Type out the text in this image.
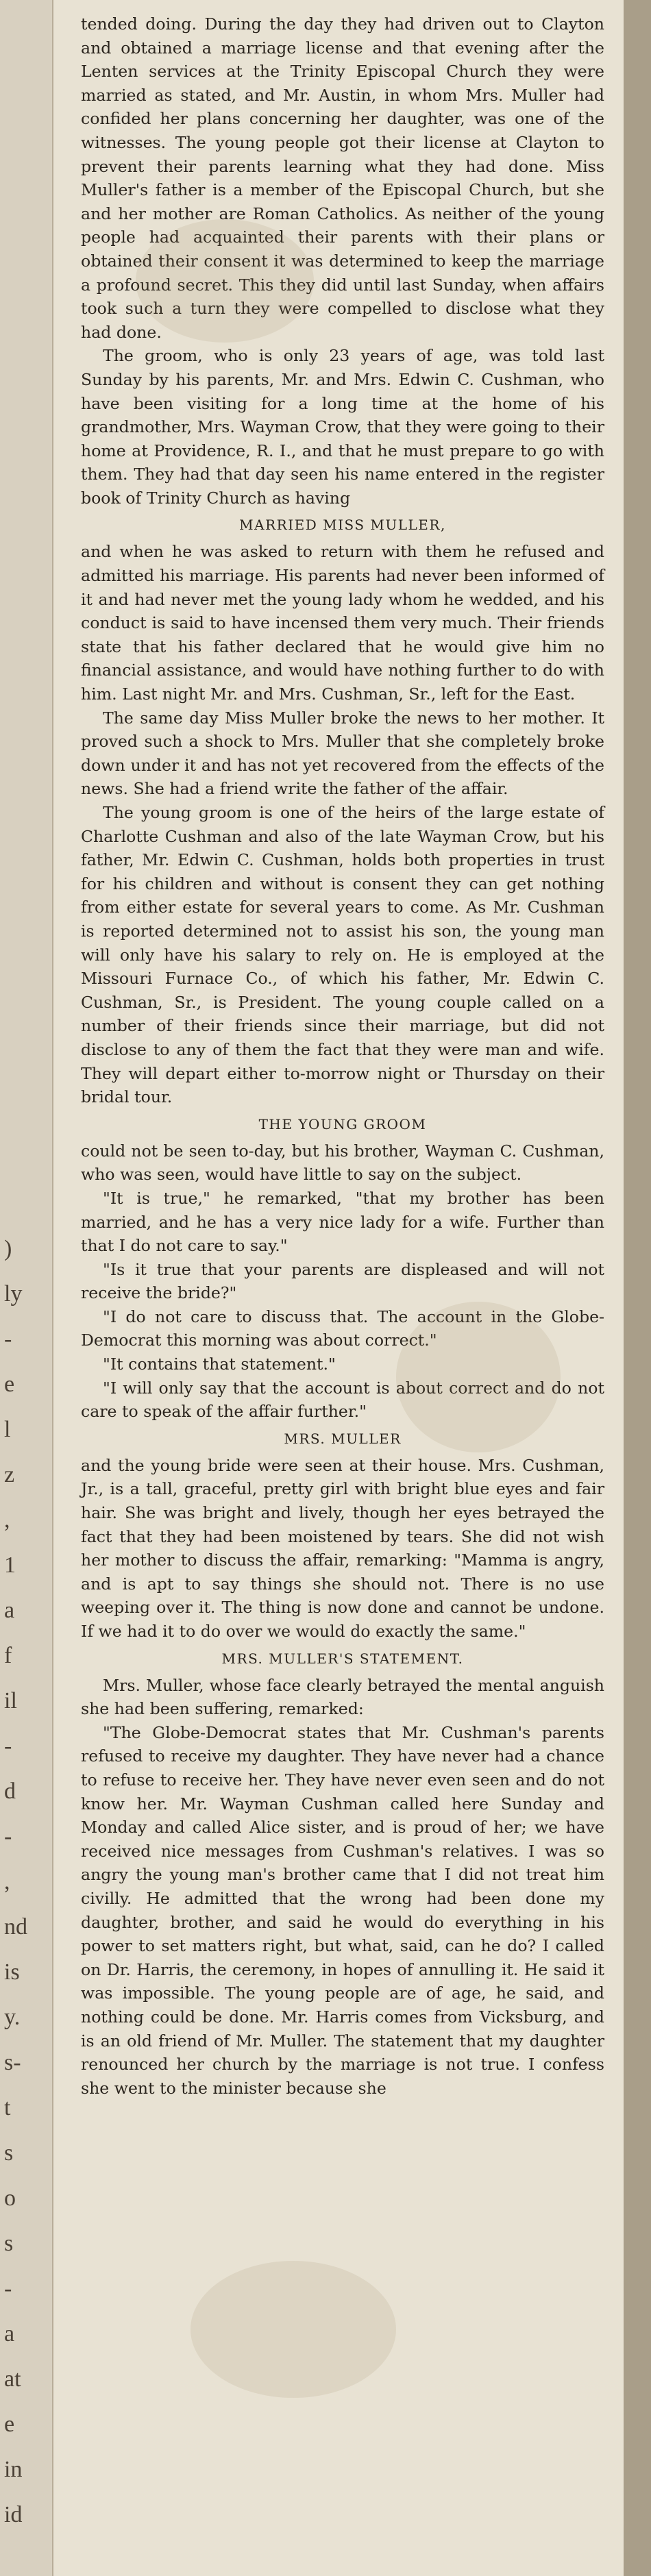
)
ly
-
e
l
z
,
1
a
f
il
-
d
-
,
nd
is
y.
s-
t
s
o
s
-
a
at
e
in
id

tended doing. During the day they had driven out to Clayton and obtained a marriage license and that evening after the Lenten services at the Trinity Episcopal Church they were married as stated, and Mr. Austin, in whom Mrs. Muller had confided her plans concerning her daughter, was one of the witnesses. The young people got their license at Clayton to prevent their parents learning what they had done. Miss Muller's father is a member of the Episcopal Church, but she and her mother are Roman Catholics. As neither of the young people had acquainted their parents with their plans or obtained their consent it was determined to keep the marriage a profound secret. This they did until last Sunday, when affairs took such a turn they were compelled to disclose what they had done.

The groom, who is only 23 years of age, was told last Sunday by his parents, Mr. and Mrs. Edwin C. Cushman, who have been visiting for a long time at the home of his grandmother, Mrs. Wayman Crow, that they were going to their home at Providence, R. I., and that he must prepare to go with them. They had that day seen his name entered in the register book of Trinity Church as having

MARRIED MISS MULLER,

and when he was asked to return with them he refused and admitted his marriage. His parents had never been informed of it and had never met the young lady whom he wedded, and his conduct is said to have incensed them very much. Their friends state that his father declared that he would give him no financial assistance, and would have nothing further to do with him. Last night Mr. and Mrs. Cushman, Sr., left for the East.

The same day Miss Muller broke the news to her mother. It proved such a shock to Mrs. Muller that she completely broke down under it and has not yet recovered from the effects of the news. She had a friend write the father of the affair.

The young groom is one of the heirs of the large estate of Charlotte Cushman and also of the late Wayman Crow, but his father, Mr. Edwin C. Cushman, holds both properties in trust for his children and without is consent they can get nothing from either estate for several years to come. As Mr. Cushman is reported determined not to assist his son, the young man will only have his salary to rely on. He is employed at the Missouri Furnace Co., of which his father, Mr. Edwin C. Cushman, Sr., is President. The young couple called on a number of their friends since their marriage, but did not disclose to any of them the fact that they were man and wife. They will depart either to-morrow night or Thursday on their bridal tour.

THE YOUNG GROOM

could not be seen to-day, but his brother, Wayman C. Cushman, who was seen, would have little to say on the subject.

"It is true," he remarked, "that my brother has been married, and he has a very nice lady for a wife. Further than that I do not care to say."

"Is it true that your parents are displeased and will not receive the bride?"

"I do not care to discuss that. The account in the Globe-Democrat this morning was about correct."

"It contains that statement."

"I will only say that the account is about correct and do not care to speak of the affair further."

MRS. MULLER

and the young bride were seen at their house. Mrs. Cushman, Jr., is a tall, graceful, pretty girl with bright blue eyes and fair hair. She was bright and lively, though her eyes betrayed the fact that they had been moistened by tears. She did not wish her mother to discuss the affair, remarking: "Mamma is angry, and is apt to say things she should not. There is no use weeping over it. The thing is now done and cannot be undone. If we had it to do over we would do exactly the same."

MRS. MULLER'S STATEMENT.

Mrs. Muller, whose face clearly betrayed the mental anguish she had been suffering, remarked:

"The Globe-Democrat states that Mr. Cushman's parents refused to receive my daughter. They have never had a chance to refuse to receive her. They have never even seen and do not know her. Mr. Wayman Cushman called here Sunday and Monday and called Alice sister, and is proud of her; we have received nice messages from Cushman's relatives. I was so angry the young man's brother came that I did not treat him civilly. He admitted that the wrong had been done my daughter, brother, and said he would do everything in his power to set matters right, but what, said, can he do? I called on Dr. Harris, the ceremony, in hopes of annulling it. He said it was impossible. The young people are of age, he said, and nothing could be done. Mr. Harris comes from Vicksburg, and is an old friend of Mr. Muller. The statement that my daughter renounced her church by the marriage is not true. I confess she went to the minister because she
